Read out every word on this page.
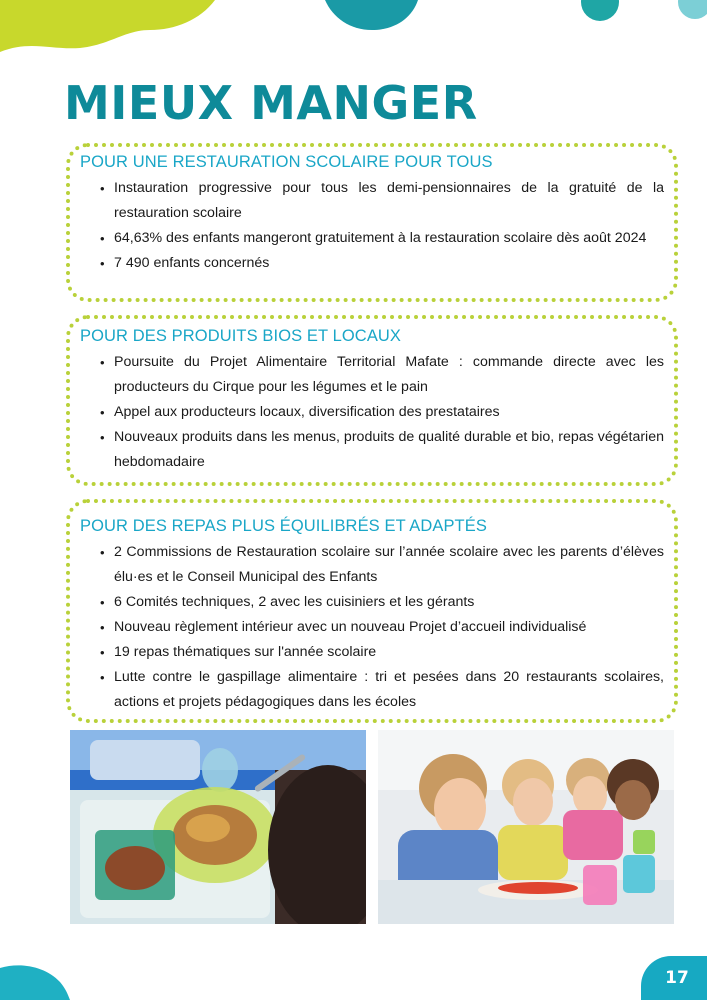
MIEUX MANGER
POUR UNE RESTAURATION SCOLAIRE POUR TOUS
• Instauration progressive pour tous les demi-pensionnaires de la gratuité de la restauration scolaire
• 64,63% des enfants mangeront gratuitement à la restauration scolaire dès août 2024
• 7 490 enfants concernés
POUR DES PRODUITS BIOS ET LOCAUX
• Poursuite du Projet Alimentaire Territorial Mafate : commande directe avec les producteurs du Cirque pour les légumes et le pain
• Appel aux producteurs locaux, diversification des prestataires
• Nouveaux produits dans les menus, produits de qualité durable et bio, repas végétarien hebdomadaire
POUR DES REPAS PLUS ÉQUILIBRÉS ET ADAPTÉS
• 2 Commissions de Restauration scolaire sur l’année scolaire avec les parents d’élèves élu·es et le Conseil Municipal des Enfants
• 6 Comités techniques, 2 avec les cuisiniers et les gérants
• Nouveau règlement intérieur avec un nouveau Projet d’accueil individualisé
• 19 repas thématiques sur l'année scolaire
• Lutte contre le gaspillage alimentaire : tri et pesées dans 20 restaurants scolaires, actions et projets pédagogiques dans les écoles
17
